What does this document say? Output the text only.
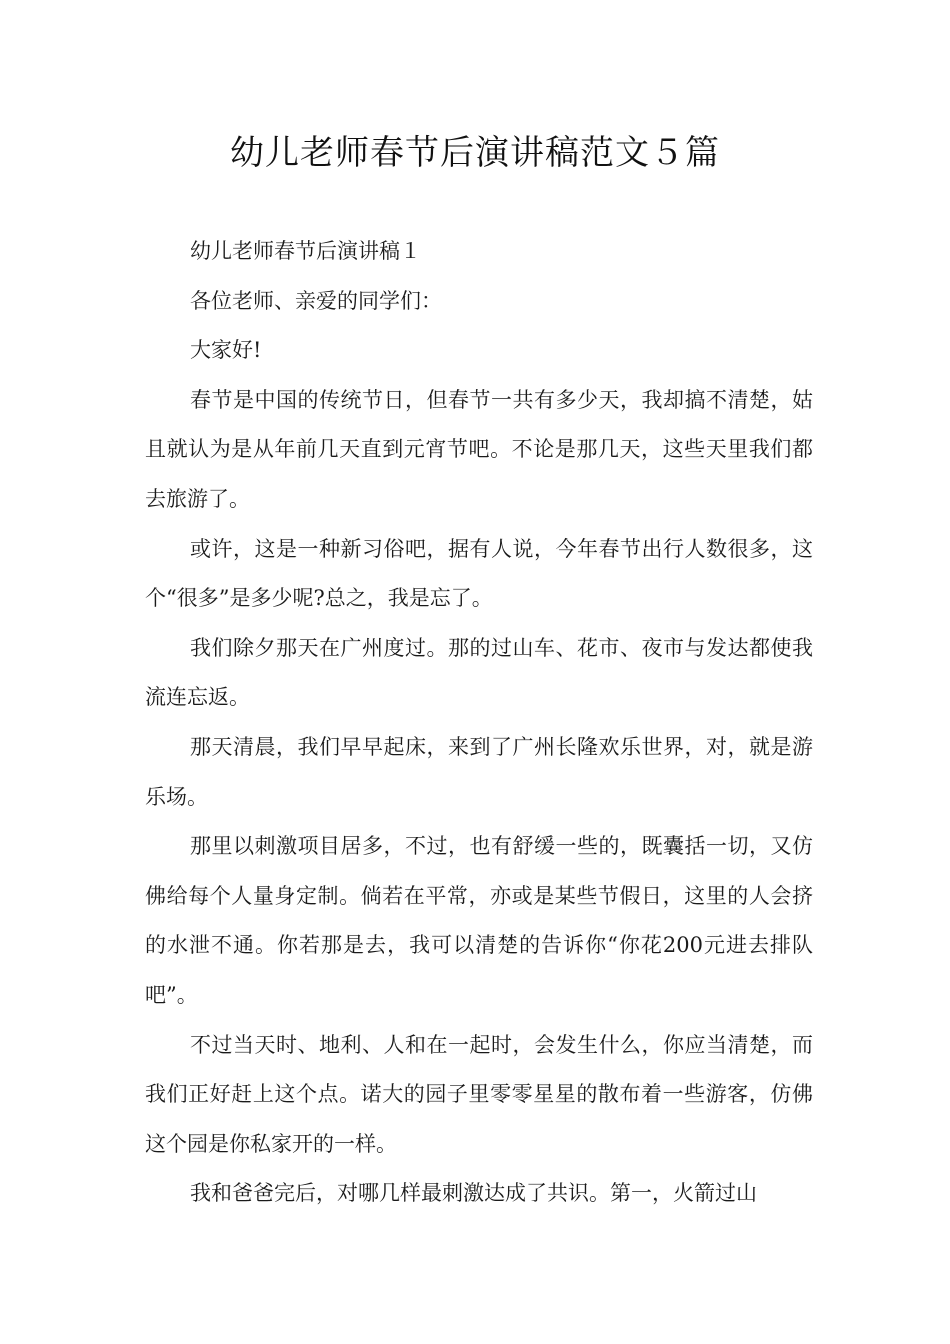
幼儿老师春节后演讲稿范文５篇

幼儿老师春节后演讲稿１

各位老师、亲爱的同学们：

大家好!

春节是中国的传统节日，但春节一共有多少天，我却搞不清楚，姑且就认为是从年前几天直到元宵节吧。不论是那几天，这些天里我们都去旅游了。

或许，这是一种新习俗吧，据有人说，今年春节出行人数很多，这个“很多”是多少呢?总之，我是忘了。

我们除夕那天在广州度过。那的过山车、花市、夜市与发达都使我流连忘返。

那天清晨，我们早早起床，来到了广州长隆欢乐世界，对，就是游乐场。

那里以刺激项目居多，不过，也有舒缓一些的，既囊括一切，又仿佛给每个人量身定制。倘若在平常，亦或是某些节假日，这里的人会挤的水泄不通。你若那是去，我可以清楚的告诉你“你花200元进去排队吧”。

不过当天时、地利、人和在一起时，会发生什么，你应当清楚，而我们正好赶上这个点。诺大的园子里零零星星的散布着一些游客，仿佛这个园是你私家开的一样。

我和爸爸完后，对哪几样最刺激达成了共识。第一，火箭过山
